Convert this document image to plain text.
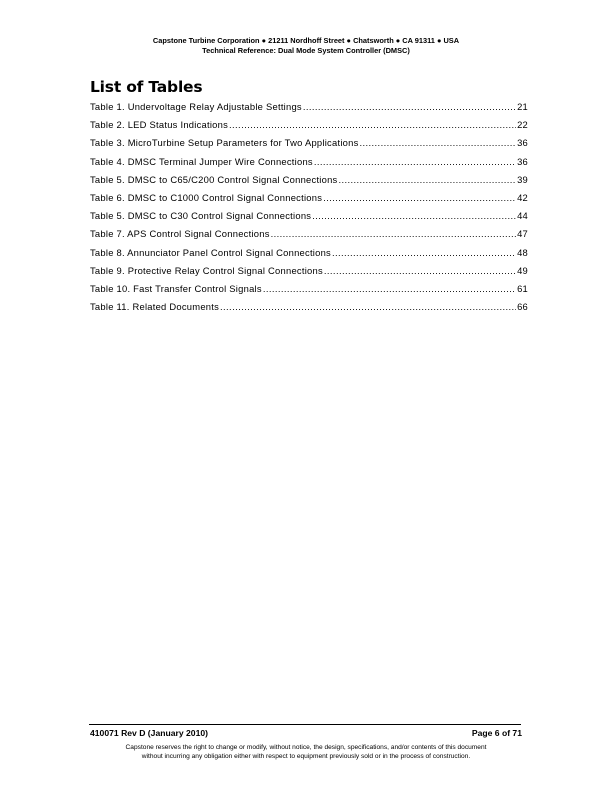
Capstone Turbine Corporation ● 21211 Nordhoff Street ● Chatsworth ● CA 91311 ● USA
Technical Reference: Dual Mode System Controller (DMSC)
List of Tables
Table 1. Undervoltage Relay Adjustable Settings .....	21
Table 2. LED Status Indications .....	22
Table 3. MicroTurbine Setup Parameters for Two Applications .....	36
Table 4. DMSC Terminal Jumper Wire Connections .....	36
Table 5. DMSC to C65/C200 Control Signal Connections .....	39
Table 6. DMSC to C1000 Control Signal Connections .....	42
Table 5. DMSC to C30 Control Signal Connections .....	44
Table 7. APS Control Signal Connections .....	47
Table 8. Annunciator Panel Control Signal Connections .....	48
Table 9. Protective Relay Control Signal Connections .....	49
Table 10. Fast Transfer Control Signals .....	61
Table 11. Related Documents .....	66
410071 Rev D (January 2010)	Page 6 of 71
Capstone reserves the right to change or modify, without notice, the design, specifications, and/or contents of this document
without incurring any obligation either with respect to equipment previously sold or in the process of construction.
